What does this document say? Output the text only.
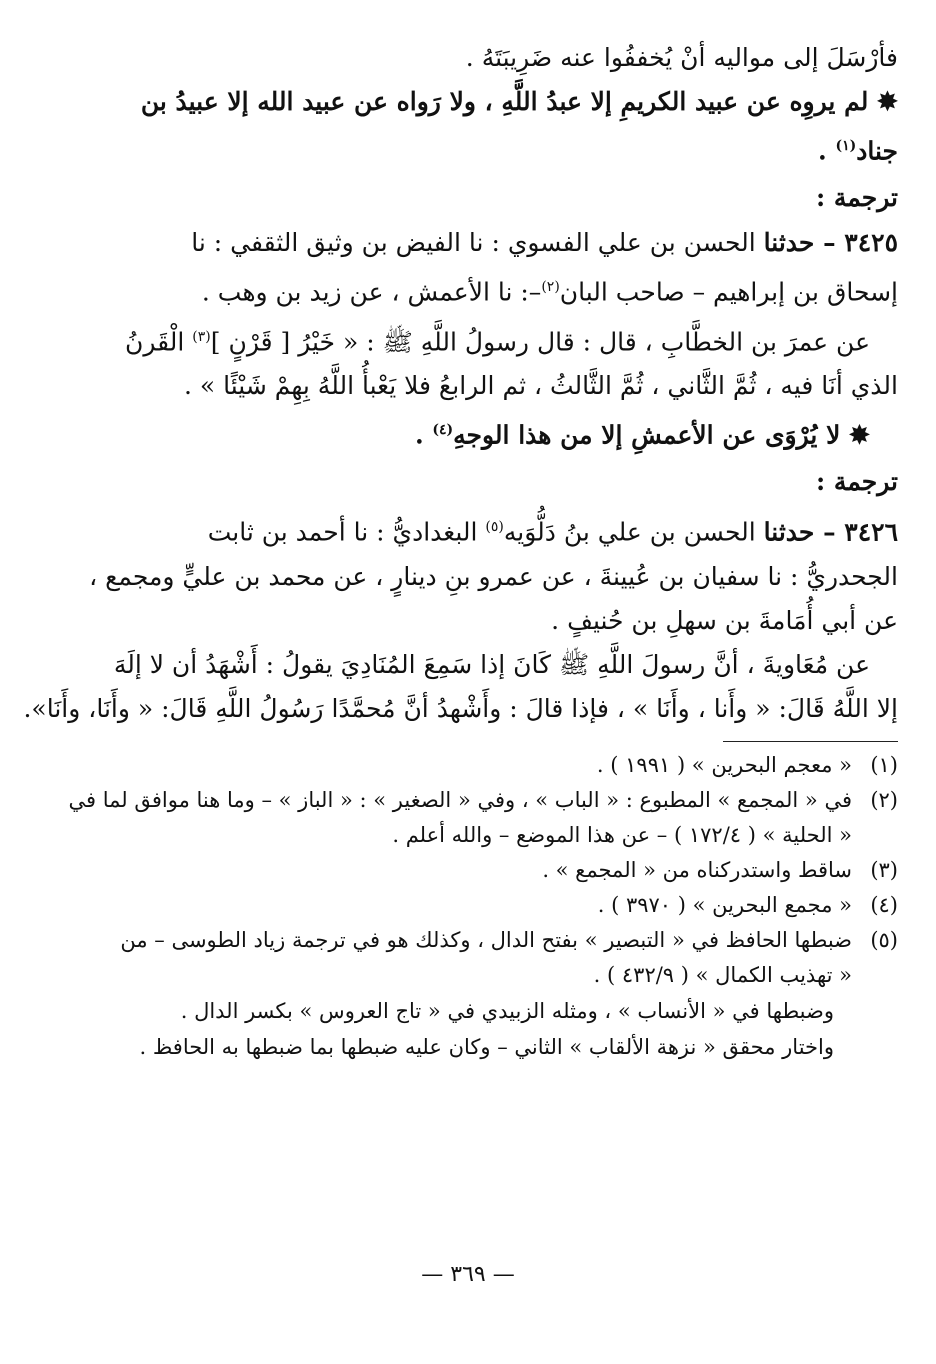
فأرْسَلَ إلى مواليه أنْ يُخففُوا عنه ضَرِيبَتَهُ .
✸ لم يروِه عن عبيد الكريمِ إلا عبدُ اللَّهِ ، ولا رَواه عن عبيد الله إلا عبيدُ بن
جناد$^{(١)}$ .
ترجمة :
٣٤٢٥ – حدثنا الحسن بن علي الفسوي : نا الفيض بن وثيق الثقفي : نا
إسحاق بن إبراهيم – صاحب البان$^{(٢)}$–: نا الأعمش ، عن زيد بن وهب .
عن عمرَ بن الخطَّابِ ، قال : قال رسولُ اللَّهِ ﷺ : « خَيْرُ [ قَرْنٍ ]$^{(٣)}$ الْقَرنُ
الذي أنَا فيه ، ثُمَّ الثَّاني ، ثُمَّ الثَّالثُ ، ثم الرابعُ فلا يَعْبأُ اللَّهُ بِهِمْ شَيْئًا » .
✸ لا يُرْوَى عن الأعمشِ إلا من هذا الوجهِ$^{(٤)}$ .
ترجمة :
٣٤٢٦ – حدثنا الحسن بن علي بنُ دَلُّوَيه$^{(٥)}$ البغداديُّ : نا أحمد بن ثابت
الجحدريُّ : نا سفيان بن عُيينةَ ، عن عمرو بنِ دينارٍ ، عن محمد بن عليٍّ ومجمع ،
عن أبي أُمَامةَ بن سهلِ بن حُنيفٍ .
عن مُعَاويةَ ، أنَّ رسولَ اللَّهِ ﷺ كَانَ إذا سَمِعَ المُنَادِيَ يقولُ : أَشْهَدُ أن لا إلَهَ
إلا اللَّهُ قَالَ: « وأَنا ، وأَنَا » ، فإذا قالَ : وأَشْهدُ أنَّ مُحمَّدًا رَسُولُ اللَّهِ قَالَ: « وأَنَا، وأَنَا».
(١)
« معجم البحرين » ( ١٩٩١ ) .
(٢)
في « المجمع » المطبوع : « الباب » ، وفي « الصغير » : « الباز » – وما هنا موافق لما في
« الحلية » ( ١٧٢/٤ ) – عن هذا الموضع – والله أعلم .
(٣)
ساقط واستدركناه من « المجمع » .
(٤)
« مجمع البحرين » ( ٣٩٧٠ ) .
(٥)
ضبطها الحافظ في « التبصير » بفتح الدال ، وكذلك هو في ترجمة زياد الطوسى – من
« تهذيب الكمال » ( ٤٣٢/٩ ) .
وضبطها في « الأنساب » ، ومثله الزبيدي في « تاج العروس » بكسر الدال .
واختار محقق « نزهة الألقاب » الثاني – وكان عليه ضبطها بما ضبطها به الحافظ .
— ٣٦٩ —
